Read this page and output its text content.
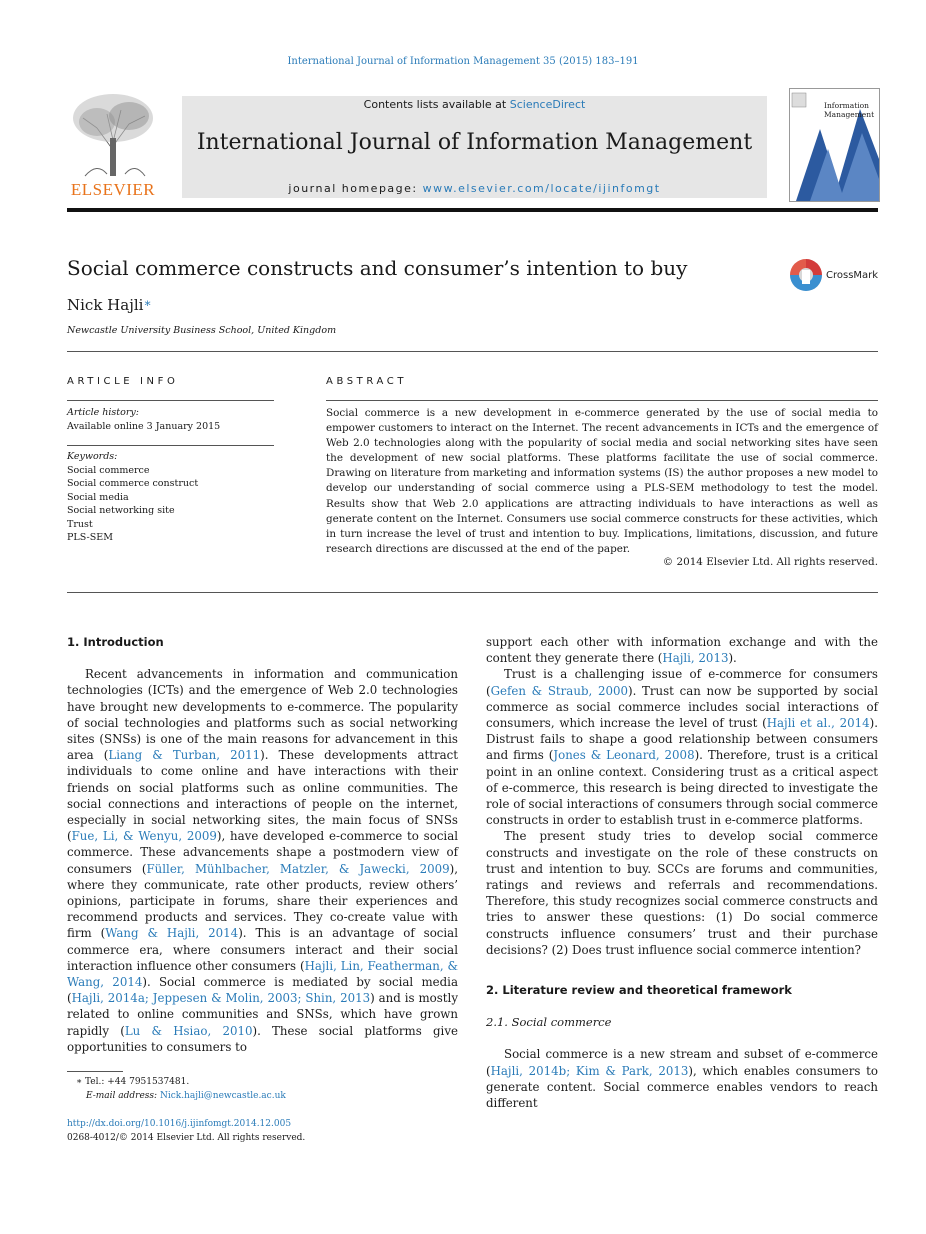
International Journal of Information Management 35 (2015) 183–191
ELSEVIER
Contents lists available at ScienceDirect
International Journal of Information Management
journal homepage: www.elsevier.com/locate/ijinfomgt
Information
Management
Social commerce constructs and consumer’s intention to buy	CrossMark
Nick Hajli∗
Newcastle University Business School, United Kingdom
ARTICLE INFO
Article history:
Available online 3 January 2015
Keywords:
Social commerce
Social commerce construct
Social media
Social networking site
Trust
PLS-SEM
ABSTRACT
Social commerce is a new development in e-commerce generated by the use of social media to empower customers to interact on the Internet. The recent advancements in ICTs and the emergence of Web 2.0 technologies along with the popularity of social media and social networking sites have seen the development of new social platforms. These platforms facilitate the use of social commerce. Drawing on literature from marketing and information systems (IS) the author proposes a new model to develop our understanding of social commerce using a PLS-SEM methodology to test the model. Results show that Web 2.0 applications are attracting individuals to have interactions as well as generate content on the Internet. Consumers use social commerce constructs for these activities, which in turn increase the level of trust and intention to buy. Implications, limitations, discussion, and future research directions are discussed at the end of the paper.
© 2014 Elsevier Ltd. All rights reserved.
1. Introduction

Recent advancements in information and communication technologies (ICTs) and the emergence of Web 2.0 technologies have brought new developments to e-commerce. The popularity of social technologies and platforms such as social networking sites (SNSs) is one of the main reasons for advancement in this area (Liang & Turban, 2011). These developments attract individuals to come online and have interactions with their friends on social platforms such as online communities. The social connections and interactions of people on the internet, especially in social networking sites, the main focus of SNSs (Fue, Li, & Wenyu, 2009), have developed e-commerce to social commerce. These advancements shape a postmodern view of consumers (Füller, Mühlbacher, Matzler, & Jawecki, 2009), where they communicate, rate other products, review others’ opinions, participate in forums, share their experiences and recommend products and services. They co-create value with firm (Wang & Hajli, 2014). This is an advantage of social commerce era, where consumers interact and their social interaction influence other consumers (Hajli, Lin, Featherman, & Wang, 2014). Social commerce is mediated by social media (Hajli, 2014a; Jeppesen & Molin, 2003; Shin, 2013) and is mostly related to online communities and SNSs, which have grown rapidly (Lu & Hsiao, 2010). These social platforms give opportunities to consumers to

support each other with information exchange and with the content they generate there (Hajli, 2013).

Trust is a challenging issue of e-commerce for consumers (Gefen & Straub, 2000). Trust can now be supported by social commerce as social commerce includes social interactions of consumers, which increase the level of trust (Hajli et al., 2014). Distrust fails to shape a good relationship between consumers and firms (Jones & Leonard, 2008). Therefore, trust is a critical point in an online context. Considering trust as a critical aspect of e-commerce, this research is being directed to investigate the role of social interactions of consumers through social commerce constructs in order to establish trust in e-commerce platforms.

The present study tries to develop social commerce constructs and investigate on the role of these constructs on trust and intention to buy. SCCs are forums and communities, ratings and reviews and referrals and recommendations. Therefore, this study recognizes social commerce constructs and tries to answer these questions: (1) Do social commerce constructs influence consumers’ trust and their purchase decisions? (2) Does trust influence social commerce intention?

2. Literature review and theoretical framework
2.1. Social commerce

Social commerce is a new stream and subset of e-commerce (Hajli, 2014b; Kim & Park, 2013), which enables consumers to generate content. Social commerce enables vendors to reach different

∗ Tel.: +44 7951537481.
E-mail address: Nick.hajli@newcastle.ac.uk
http://dx.doi.org/10.1016/j.ijinfomgt.2014.12.005
0268-4012/© 2014 Elsevier Ltd. All rights reserved.
